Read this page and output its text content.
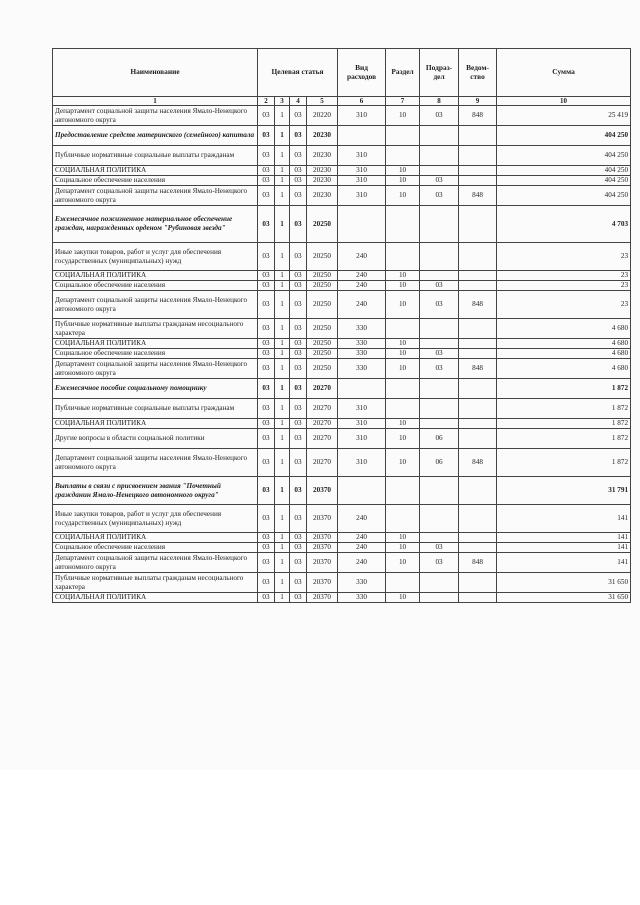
Наименование	Целевая статья				Вид расходов	Раздел	Подраз-дел	Ведом-ство	Сумма
1	2	3	4	5	6	7	8	9	10
Департамент социальной защиты населения Ямало-Ненецкого автономного округа	03	1	03	20220	310	10	03	848	25 419
Предоставление средств материнского (семейного) капитала	03	1	03	20230					404 250
Публичные нормативные социальные выплаты гражданам	03	1	03	20230	310				404 250
СОЦИАЛЬНАЯ ПОЛИТИКА	03	1	03	20230	310	10			404 250
Социальное обеспечение населения	03	1	03	20230	310	10	03		404 250
Департамент социальной защиты населения Ямало-Ненецкого автономного округа	03	1	03	20230	310	10	03	848	404 250
Ежемесячное пожизненное материальное обеспечение граждан, награжденных орденом "Рубиновая звезда"	03	1	03	20250					4 703
Иные закупки товаров, работ и услуг для обеспечения государственных (муниципальных) нужд	03	1	03	20250	240				23
СОЦИАЛЬНАЯ ПОЛИТИКА	03	1	03	20250	240	10			23
Социальное обеспечение населения	03	1	03	20250	240	10	03		23
Департамент социальной защиты населения Ямало-Ненецкого автономного округа	03	1	03	20250	240	10	03	848	23
Публичные нормативные выплаты гражданам несоциального характера	03	1	03	20250	330				4 680
СОЦИАЛЬНАЯ ПОЛИТИКА	03	1	03	20250	330	10			4 680
Социальное обеспечение населения	03	1	03	20250	330	10	03		4 680
Департамент социальной защиты населения Ямало-Ненецкого автономного округа	03	1	03	20250	330	10	03	848	4 680
Ежемесячное пособие социальному помощнику	03	1	03	20270					1 872
Публичные нормативные социальные выплаты гражданам	03	1	03	20270	310				1 872
СОЦИАЛЬНАЯ ПОЛИТИКА	03	1	03	20270	310	10			1 872
Другие вопросы в области социальной политики	03	1	03	20270	310	10	06		1 872
Департамент социальной защиты населения Ямало-Ненецкого автономного округа	03	1	03	20270	310	10	06	848	1 872
Выплаты в связи с присвоением звания "Почетный гражданин Ямало-Ненецкого автономного округа"	03	1	03	20370					31 791
Иные закупки товаров, работ и услуг для обеспечения государственных (муниципальных) нужд	03	1	03	20370	240				141
СОЦИАЛЬНАЯ ПОЛИТИКА	03	1	03	20370	240	10			141
Социальное обеспечение населения	03	1	03	20370	240	10	03		141
Департамент социальной защиты населения Ямало-Ненецкого автономного округа	03	1	03	20370	240	10	03	848	141
Публичные нормативные выплаты гражданам несоциального характера	03	1	03	20370	330				31 650
СОЦИАЛЬНАЯ ПОЛИТИКА	03	1	03	20370	330	10			31 650
